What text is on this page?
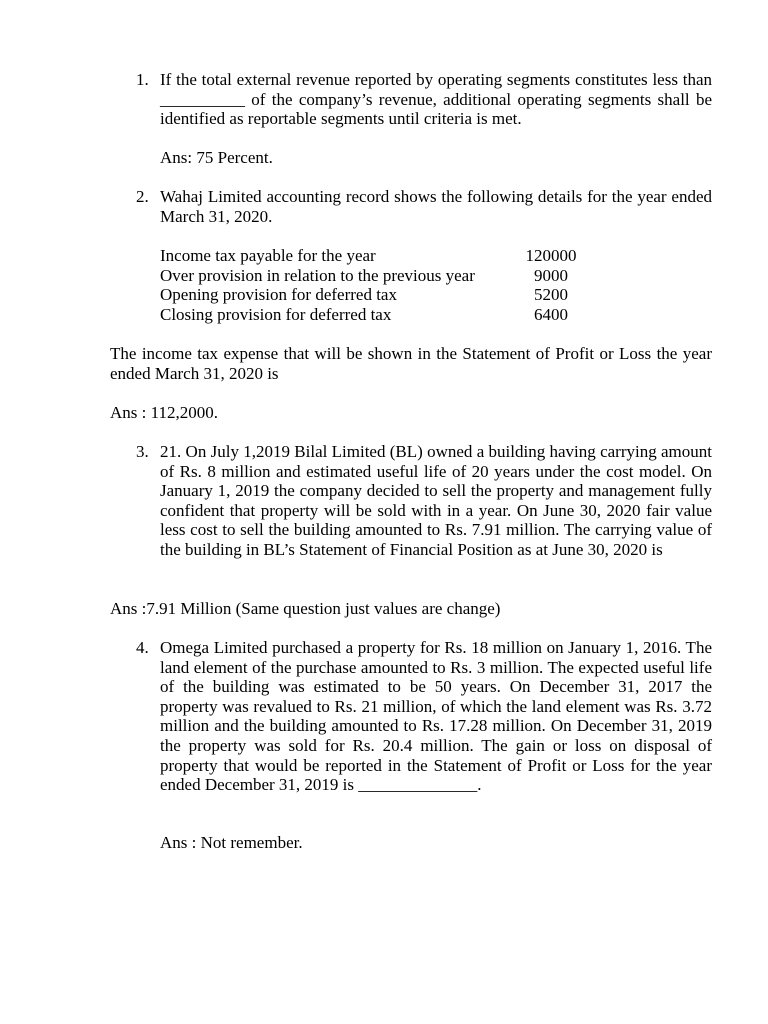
1. If the total external revenue reported by operating segments constitutes less than __________ of the company’s revenue, additional operating segments shall be identified as reportable segments until criteria is met.

Ans: 75 Percent.
2. Wahaj Limited accounting record shows the following details for the year ended March 31, 2020.

Income tax payable for the year	120000
Over provision in relation to the previous year	9000
Opening provision for deferred tax	5200
Closing provision for deferred tax	6400

The income tax expense that will be shown in the Statement of Profit or Loss the year ended March 31, 2020 is

Ans : 112,2000.
3. 21. On July 1,2019 Bilal Limited (BL) owned a building having carrying amount of Rs. 8 million and estimated useful life of 20 years under the cost model. On January 1, 2019 the company decided to sell the property and management fully confident that property will be sold with in a year. On June 30, 2020 fair value less cost to sell the building amounted to Rs. 7.91 million. The carrying value of the building in BL’s Statement of Financial Position as at June 30, 2020 is

Ans :7.91 Million (Same question just values are change)
4. Omega Limited purchased a property for Rs. 18 million on January 1, 2016. The land element of the purchase amounted to Rs. 3 million. The expected useful life of the building was estimated to be 50 years. On December 31, 2017 the property was revalued to Rs. 21 million, of which the land element was Rs. 3.72 million and the building amounted to Rs. 17.28 million. On December 31, 2019 the property was sold for Rs. 20.4 million. The gain or loss on disposal of property that would be reported in the Statement of Profit or Loss for the year ended December 31, 2019 is ______________.

Ans : Not remember.
